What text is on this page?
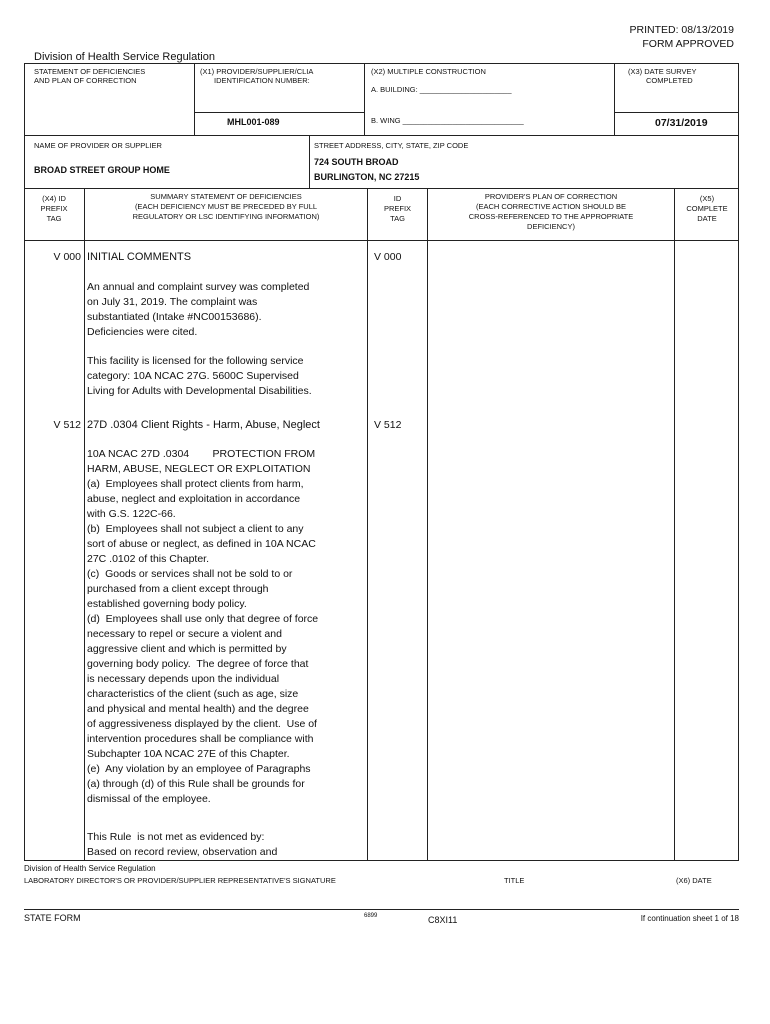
PRINTED: 08/13/2019
FORM APPROVED
Division of Health Service Regulation
STATEMENT OF DEFICIENCIES
AND PLAN OF CORRECTION
(X1) PROVIDER/SUPPLIER/CLIA
IDENTIFICATION NUMBER:
MHL001-089
(X2) MULTIPLE CONSTRUCTION
A. BUILDING: ______________________
B. WING _____________________________
(X3) DATE SURVEY
COMPLETED
07/31/2019
NAME OF PROVIDER OR SUPPLIER
BROAD STREET GROUP HOME
STREET ADDRESS, CITY, STATE, ZIP CODE
724 SOUTH BROAD
BURLINGTON, NC 27215
(X4) ID
PREFIX
TAG
SUMMARY STATEMENT OF DEFICIENCIES
(EACH DEFICIENCY MUST BE PRECEDED BY FULL
REGULATORY OR LSC IDENTIFYING INFORMATION)
ID
PREFIX
TAG
PROVIDER'S PLAN OF CORRECTION
(EACH CORRECTIVE ACTION SHOULD BE
CROSS-REFERENCED TO THE APPROPRIATE
DEFICIENCY)
(X5)
COMPLETE
DATE
V 000	V 000
INITIAL COMMENTS
An annual and complaint survey was completed
on July 31, 2019. The complaint was
substantiated (Intake #NC00153686).
Deficiencies were cited.
This facility is licensed for the following service
category: 10A NCAC 27G. 5600C Supervised
Living for Adults with Developmental Disabilities.
V 512	V 512
27D .0304 Client Rights - Harm, Abuse, Neglect
10A NCAC 27D .0304        PROTECTION FROM
HARM, ABUSE, NEGLECT OR EXPLOITATION
(a)  Employees shall protect clients from harm,
abuse, neglect and exploitation in accordance
with G.S. 122C-66.
(b)  Employees shall not subject a client to any
sort of abuse or neglect, as defined in 10A NCAC
27C .0102 of this Chapter.
(c)  Goods or services shall not be sold to or
purchased from a client except through
established governing body policy.
(d)  Employees shall use only that degree of force
necessary to repel or secure a violent and
aggressive client and which is permitted by
governing body policy.  The degree of force that
is necessary depends upon the individual
characteristics of the client (such as age, size
and physical and mental health) and the degree
of aggressiveness displayed by the client.  Use of
intervention procedures shall be compliance with
Subchapter 10A NCAC 27E of this Chapter.
(e)  Any violation by an employee of Paragraphs
(a) through (d) of this Rule shall be grounds for
dismissal of the employee.
This Rule  is not met as evidenced by:
Based on record review, observation and
Division of Health Service Regulation
LABORATORY DIRECTOR'S OR PROVIDER/SUPPLIER REPRESENTATIVE'S SIGNATURE	TITLE	(X6) DATE
STATE FORM	6899	C8XI11	If continuation sheet 1 of 18
